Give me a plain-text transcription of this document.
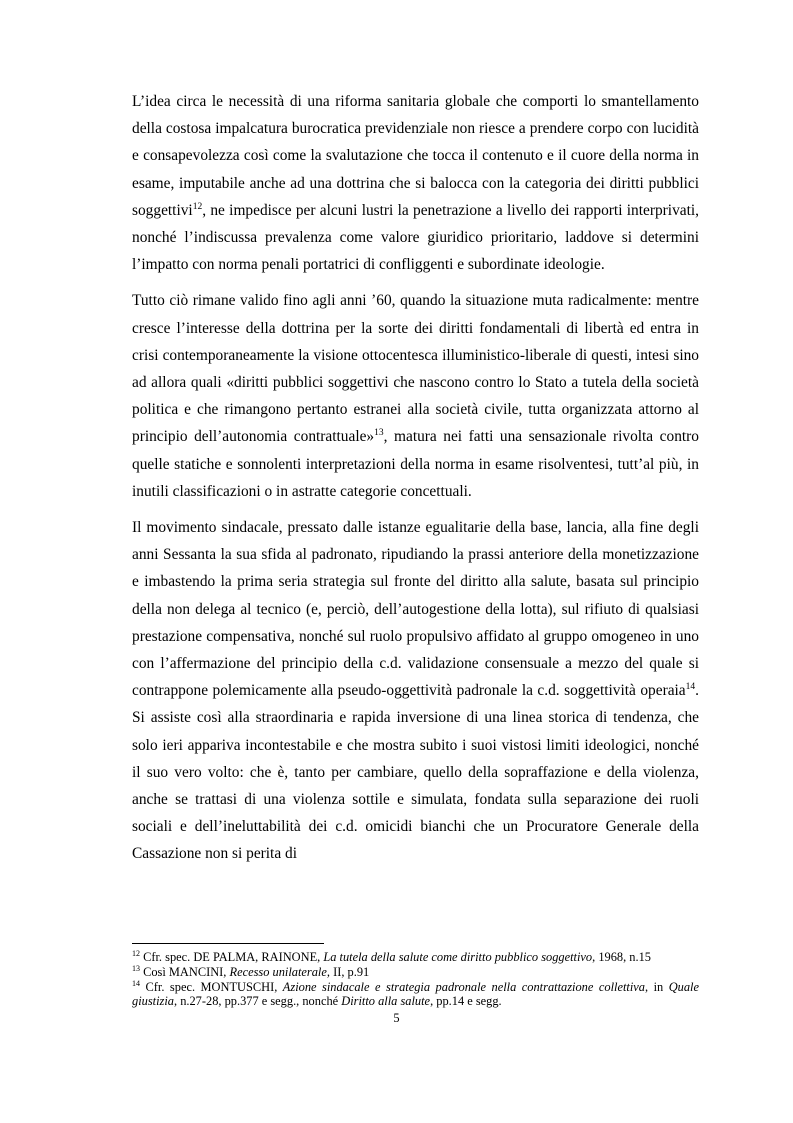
L’idea circa le necessità di una riforma sanitaria globale che comporti lo smantellamento della costosa impalcatura burocratica previdenziale non riesce a prendere corpo con lucidità e consapevolezza così come la svalutazione che tocca il contenuto e il cuore della norma in esame, imputabile anche ad una dottrina che si balocca con la categoria dei diritti pubblici soggettivi$^{12}$, ne impedisce per alcuni lustri la penetrazione a livello dei rapporti interprivati, nonché l’indiscussa prevalenza come valore giuridico prioritario, laddove si determini l’impatto con norma penali portatrici di confliggenti e subordinate ideologie.

Tutto ciò rimane valido fino agli anni ’60, quando la situazione muta radicalmente: mentre cresce l’interesse della dottrina per la sorte dei diritti fondamentali di libertà ed entra in crisi contemporaneamente la visione ottocentesca illuministico-liberale di questi, intesi sino ad allora quali «diritti pubblici soggettivi che nascono contro lo Stato a tutela della società politica e che rimangono pertanto estranei alla società civile, tutta organizzata attorno al principio dell’autonomia contrattuale»$^{13}$, matura nei fatti una sensazionale rivolta contro quelle statiche e sonnolenti interpretazioni della norma in esame risolventesi, tutt’al più, in inutili classificazioni o in astratte categorie concettuali.

Il movimento sindacale, pressato dalle istanze egualitarie della base, lancia, alla fine degli anni Sessanta la sua sfida al padronato, ripudiando la prassi anteriore della monetizzazione e imbastendo la prima seria strategia sul fronte del diritto alla salute, basata sul principio della non delega al tecnico (e, perciò, dell’autogestione della lotta), sul rifiuto di qualsiasi prestazione compensativa, nonché sul ruolo propulsivo affidato al gruppo omogeneo in uno con l’affermazione del principio della c.d. validazione consensuale a mezzo del quale si contrappone polemicamente alla pseudo-oggettività padronale la c.d. soggettività operaia$^{14}$. Si assiste così alla straordinaria e rapida inversione di una linea storica di tendenza, che solo ieri appariva incontestabile e che mostra subito i suoi vistosi limiti ideologici, nonché il suo vero volto: che è, tanto per cambiare, quello della sopraffazione e della violenza, anche se trattasi di una violenza sottile e simulata, fondata sulla separazione dei ruoli sociali e dell’ineluttabilità dei c.d. omicidi bianchi che un Procuratore Generale della Cassazione non si perita di

$^{12}$ Cfr. spec. DE PALMA, RAINONE, La tutela della salute come diritto pubblico soggettivo, 1968, n.15

$^{13}$ Così MANCINI, Recesso unilaterale, II, p.91

$^{14}$ Cfr. spec. MONTUSCHI, Azione sindacale e strategia padronale nella contrattazione collettiva, in Quale giustizia, n.27-28, pp.377 e segg., nonché Diritto alla salute, pp.14 e segg.

5
